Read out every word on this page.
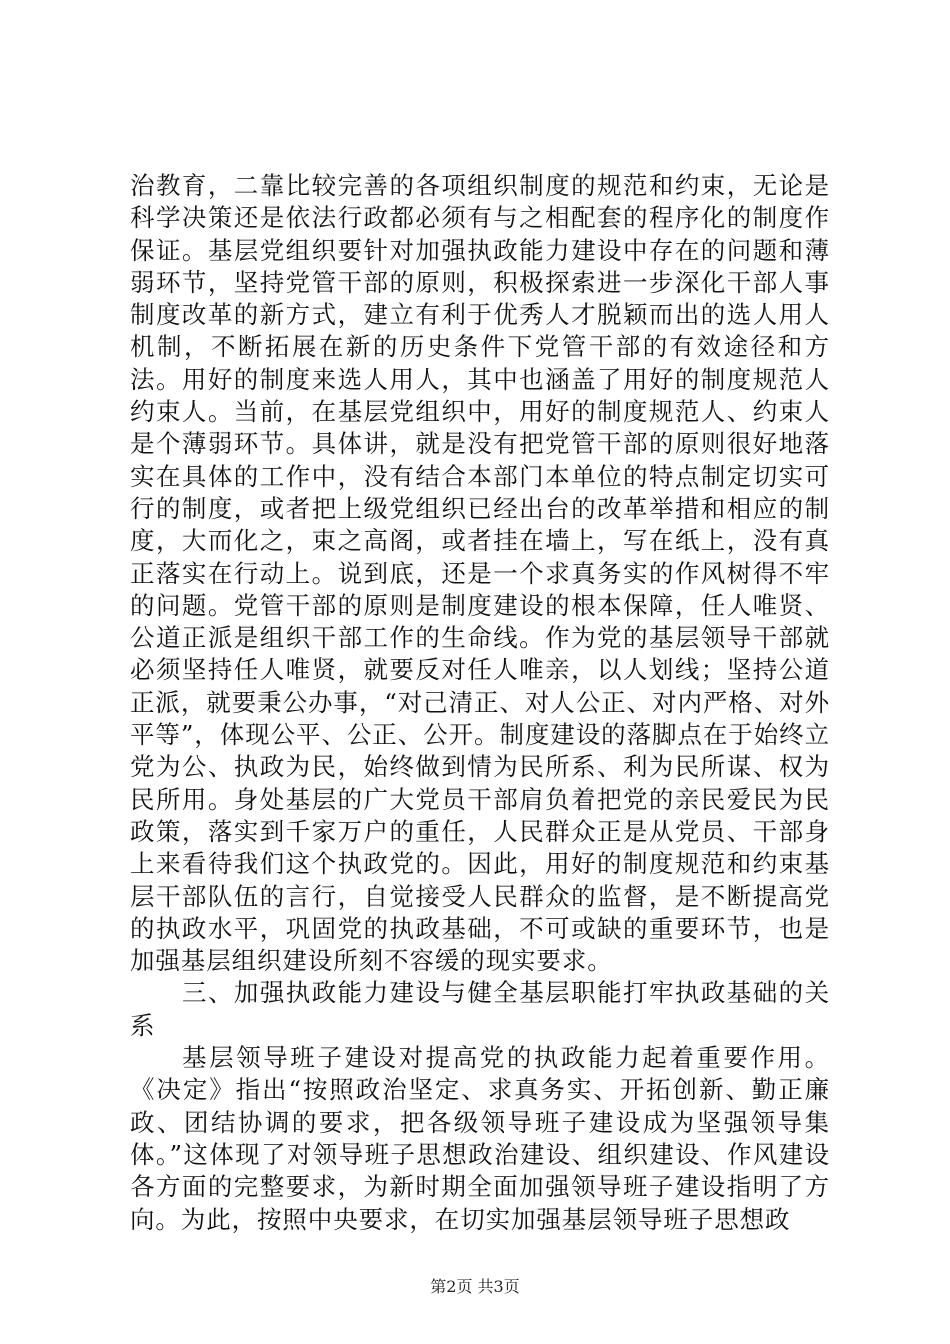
治教育，二靠比较完善的各项组织制度的规范和约束，无论是科学决策还是依法行政都必须有与之相配套的程序化的制度作保证。基层党组织要针对加强执政能力建设中存在的问题和薄弱环节，坚持党管干部的原则，积极探索进一步深化干部人事制度改革的新方式，建立有利于优秀人才脱颖而出的选人用人机制，不断拓展在新的历史条件下党管干部的有效途径和方法。用好的制度来选人用人，其中也涵盖了用好的制度规范人约束人。当前，在基层党组织中，用好的制度规范人、约束人是个薄弱环节。具体讲，就是没有把党管干部的原则很好地落实在具体的工作中，没有结合本部门本单位的特点制定切实可行的制度，或者把上级党组织已经出台的改革举措和相应的制度，大而化之，束之高阁，或者挂在墙上，写在纸上，没有真正落实在行动上。说到底，还是一个求真务实的作风树得不牢的问题。党管干部的原则是制度建设的根本保障，任人唯贤、公道正派是组织干部工作的生命线。作为党的基层领导干部就必须坚持任人唯贤，就要反对任人唯亲，以人划线；坚持公道正派，就要秉公办事，“对己清正、对人公正、对内严格、对外平等”，体现公平、公正、公开。制度建设的落脚点在于始终立党为公、执政为民，始终做到情为民所系、利为民所谋、权为民所用。身处基层的广大党员干部肩负着把党的亲民爱民为民政策，落实到千家万户的重任，人民群众正是从党员、干部身上来看待我们这个执政党的。因此，用好的制度规范和约束基层干部队伍的言行，自觉接受人民群众的监督，是不断提高党的执政水平，巩固党的执政基础，不可或缺的重要环节，也是加强基层组织建设所刻不容缓的现实要求。

三、加强执政能力建设与健全基层职能打牢执政基础的关系

基层领导班子建设对提高党的执政能力起着重要作用。《决定》指出“按照政治坚定、求真务实、开拓创新、勤正廉政、团结协调的要求，把各级领导班子建设成为坚强领导集体。”这体现了对领导班子思想政治建设、组织建设、作风建设各方面的完整要求，为新时期全面加强领导班子建设指明了方向。为此，按照中央要求，在切实加强基层领导班子思想政

第2页 共3页
